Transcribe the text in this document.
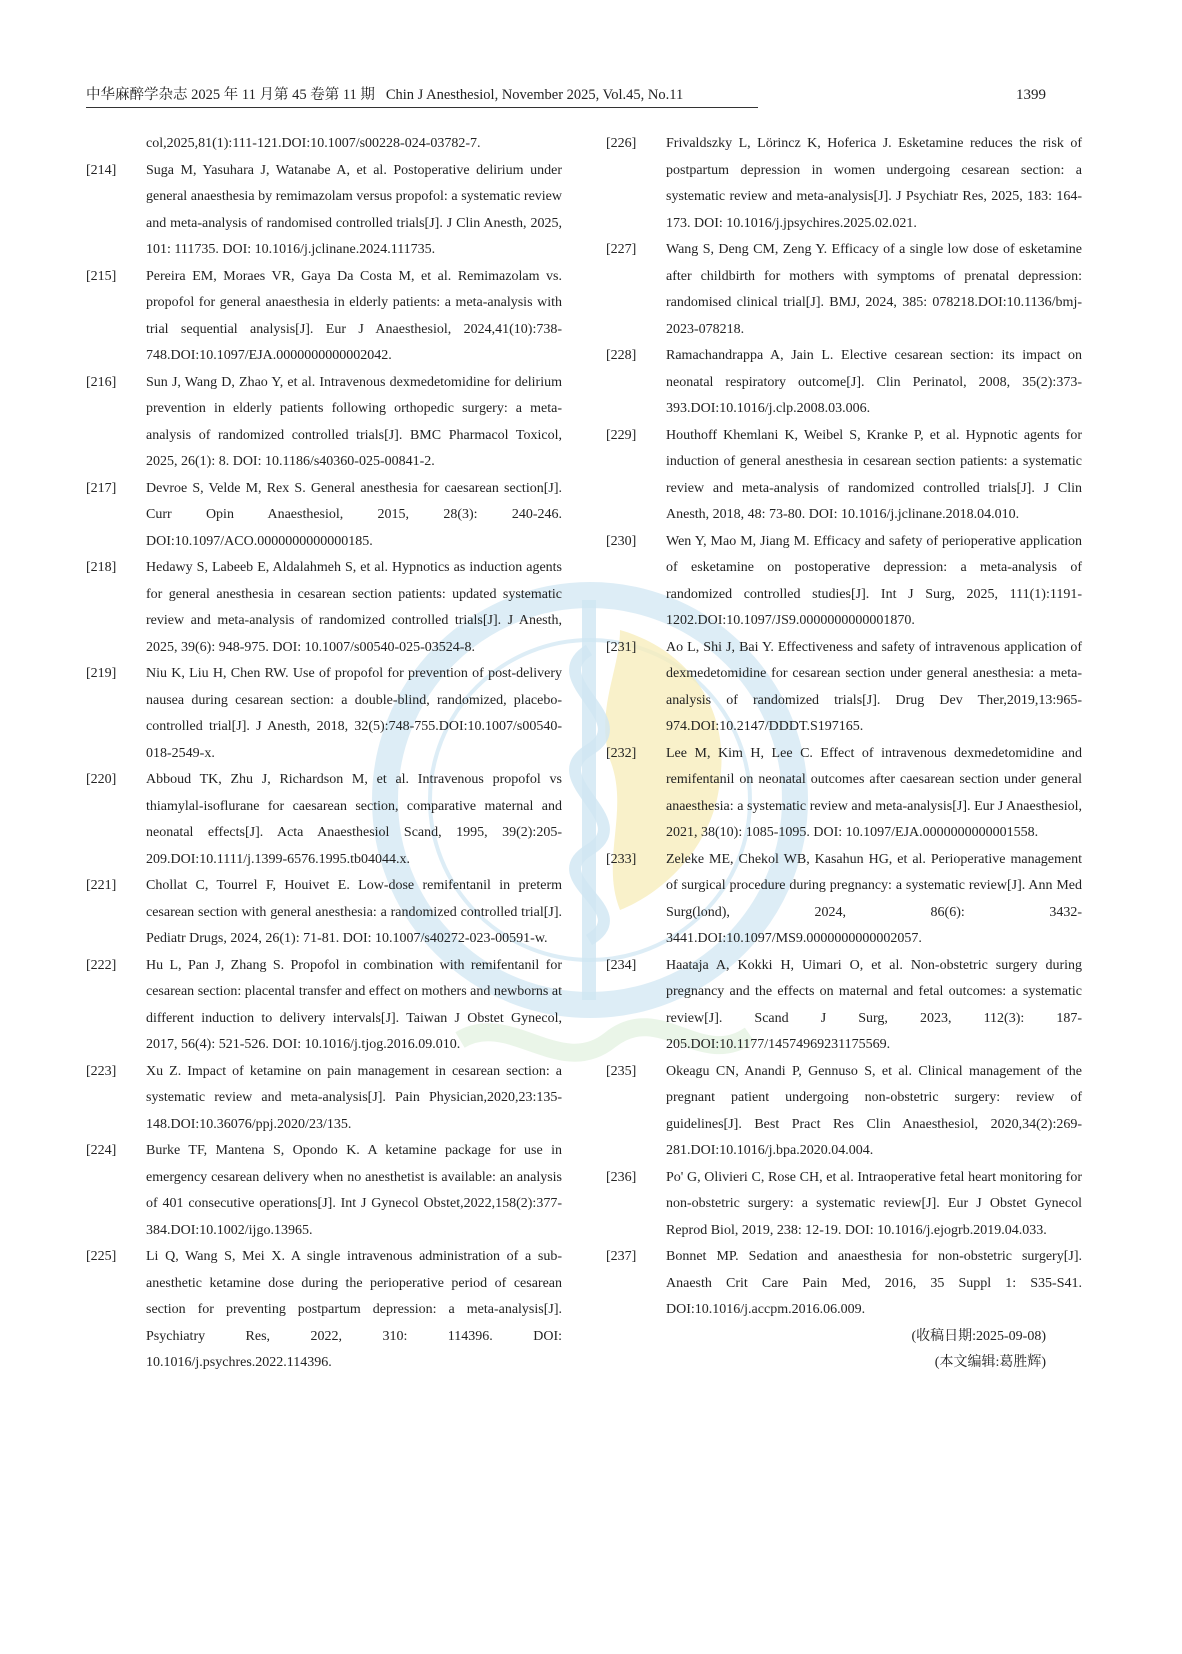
中华麻醉学杂志 2025 年 11 月第 45 卷第 11 期 Chin J Anesthesiol, November 2025, Vol.45, No.11	1399
col,2025,81(1):111-121.DOI:10.1007/s00228-024-03782-7.
[214]	Suga M, Yasuhara J, Watanabe A, et al. Postoperative delirium under general anaesthesia by remimazolam versus propofol: a systematic review and meta-analysis of randomised controlled trials[J]. J Clin Anesth, 2025, 101: 111735. DOI: 10.1016/j.jclinane.2024.111735.
[215]	Pereira EM, Moraes VR, Gaya Da Costa M, et al. Remimazolam vs. propofol for general anaesthesia in elderly patients: a meta-analysis with trial sequential analysis[J]. Eur J Anaesthesiol, 2024,41(10):738-748.DOI:10.1097/EJA.0000000000002042.
[216]	Sun J, Wang D, Zhao Y, et al. Intravenous dexmedetomidine for delirium prevention in elderly patients following orthopedic surgery: a meta-analysis of randomized controlled trials[J]. BMC Pharmacol Toxicol, 2025, 26(1): 8. DOI: 10.1186/s40360-025-00841-2.
[217]	Devroe S, Velde M, Rex S. General anesthesia for caesarean section[J]. Curr Opin Anaesthesiol, 2015, 28(3): 240-246. DOI:10.1097/ACO.0000000000000185.
[218]	Hedawy S, Labeeb E, Aldalahmeh S, et al. Hypnotics as induction agents for general anesthesia in cesarean section patients: updated systematic review and meta-analysis of randomized controlled trials[J]. J Anesth, 2025, 39(6): 948-975. DOI: 10.1007/s00540-025-03524-8.
[219]	Niu K, Liu H, Chen RW. Use of propofol for prevention of post-delivery nausea during cesarean section: a double-blind, randomized, placebo-controlled trial[J]. J Anesth, 2018, 32(5):748-755.DOI:10.1007/s00540-018-2549-x.
[220]	Abboud TK, Zhu J, Richardson M, et al. Intravenous propofol vs thiamylal-isoflurane for caesarean section, comparative maternal and neonatal effects[J]. Acta Anaesthesiol Scand, 1995, 39(2):205-209.DOI:10.1111/j.1399-6576.1995.tb04044.x.
[221]	Chollat C, Tourrel F, Houivet E. Low-dose remifentanil in preterm cesarean section with general anesthesia: a randomized controlled trial[J]. Pediatr Drugs, 2024, 26(1): 71-81. DOI: 10.1007/s40272-023-00591-w.
[222]	Hu L, Pan J, Zhang S. Propofol in combination with remifentanil for cesarean section: placental transfer and effect on mothers and newborns at different induction to delivery intervals[J]. Taiwan J Obstet Gynecol, 2017, 56(4): 521-526. DOI: 10.1016/j.tjog.2016.09.010.
[223]	Xu Z. Impact of ketamine on pain management in cesarean section: a systematic review and meta-analysis[J]. Pain Physician,2020,23:135-148.DOI:10.36076/ppj.2020/23/135.
[224]	Burke TF, Mantena S, Opondo K. A ketamine package for use in emergency cesarean delivery when no anesthetist is available: an analysis of 401 consecutive operations[J]. Int J Gynecol Obstet,2022,158(2):377-384.DOI:10.1002/ijgo.13965.
[225]	Li Q, Wang S, Mei X. A single intravenous administration of a sub-anesthetic ketamine dose during the perioperative period of cesarean section for preventing postpartum depression: a meta-analysis[J]. Psychiatry Res, 2022, 310: 114396. DOI: 10.1016/j.psychres.2022.114396.
[226]	Frivaldszky L, Lörincz K, Hoferica J. Esketamine reduces the risk of postpartum depression in women undergoing cesarean section: a systematic review and meta-analysis[J]. J Psychiatr Res, 2025, 183: 164-173. DOI: 10.1016/j.jpsychires.2025.02.021.
[227]	Wang S, Deng CM, Zeng Y. Efficacy of a single low dose of esketamine after childbirth for mothers with symptoms of prenatal depression: randomised clinical trial[J]. BMJ, 2024, 385: 078218.DOI:10.1136/bmj-2023-078218.
[228]	Ramachandrappa A, Jain L. Elective cesarean section: its impact on neonatal respiratory outcome[J]. Clin Perinatol, 2008, 35(2):373-393.DOI:10.1016/j.clp.2008.03.006.
[229]	Houthoff Khemlani K, Weibel S, Kranke P, et al. Hypnotic agents for induction of general anesthesia in cesarean section patients: a systematic review and meta-analysis of randomized controlled trials[J]. J Clin Anesth, 2018, 48: 73-80. DOI: 10.1016/j.jclinane.2018.04.010.
[230]	Wen Y, Mao M, Jiang M. Efficacy and safety of perioperative application of esketamine on postoperative depression: a meta-analysis of randomized controlled studies[J]. Int J Surg, 2025, 111(1):1191-1202.DOI:10.1097/JS9.0000000000001870.
[231]	Ao L, Shi J, Bai Y. Effectiveness and safety of intravenous application of dexmedetomidine for cesarean section under general anesthesia: a meta-analysis of randomized trials[J]. Drug Dev Ther,2019,13:965-974.DOI:10.2147/DDDT.S197165.
[232]	Lee M, Kim H, Lee C. Effect of intravenous dexmedetomidine and remifentanil on neonatal outcomes after caesarean section under general anaesthesia: a systematic review and meta-analysis[J]. Eur J Anaesthesiol, 2021, 38(10): 1085-1095. DOI: 10.1097/EJA.0000000000001558.
[233]	Zeleke ME, Chekol WB, Kasahun HG, et al. Perioperative management of surgical procedure during pregnancy: a systematic review[J]. Ann Med Surg(lond), 2024, 86(6): 3432-3441.DOI:10.1097/MS9.0000000000002057.
[234]	Haataja A, Kokki H, Uimari O, et al. Non-obstetric surgery during pregnancy and the effects on maternal and fetal outcomes: a systematic review[J]. Scand J Surg, 2023, 112(3): 187-205.DOI:10.1177/14574969231175569.
[235]	Okeagu CN, Anandi P, Gennuso S, et al. Clinical management of the pregnant patient undergoing non-obstetric surgery: review of guidelines[J]. Best Pract Res Clin Anaesthesiol, 2020,34(2):269-281.DOI:10.1016/j.bpa.2020.04.004.
[236]	Po' G, Olivieri C, Rose CH, et al. Intraoperative fetal heart monitoring for non-obstetric surgery: a systematic review[J]. Eur J Obstet Gynecol Reprod Biol, 2019, 238: 12-19. DOI: 10.1016/j.ejogrb.2019.04.033.
[237]	Bonnet MP. Sedation and anaesthesia for non-obstetric surgery[J]. Anaesth Crit Care Pain Med, 2016, 35 Suppl 1: S35-S41. DOI:10.1016/j.accpm.2016.06.009.
(收稿日期:2025-09-08)
(本文编辑:葛胜辉)
